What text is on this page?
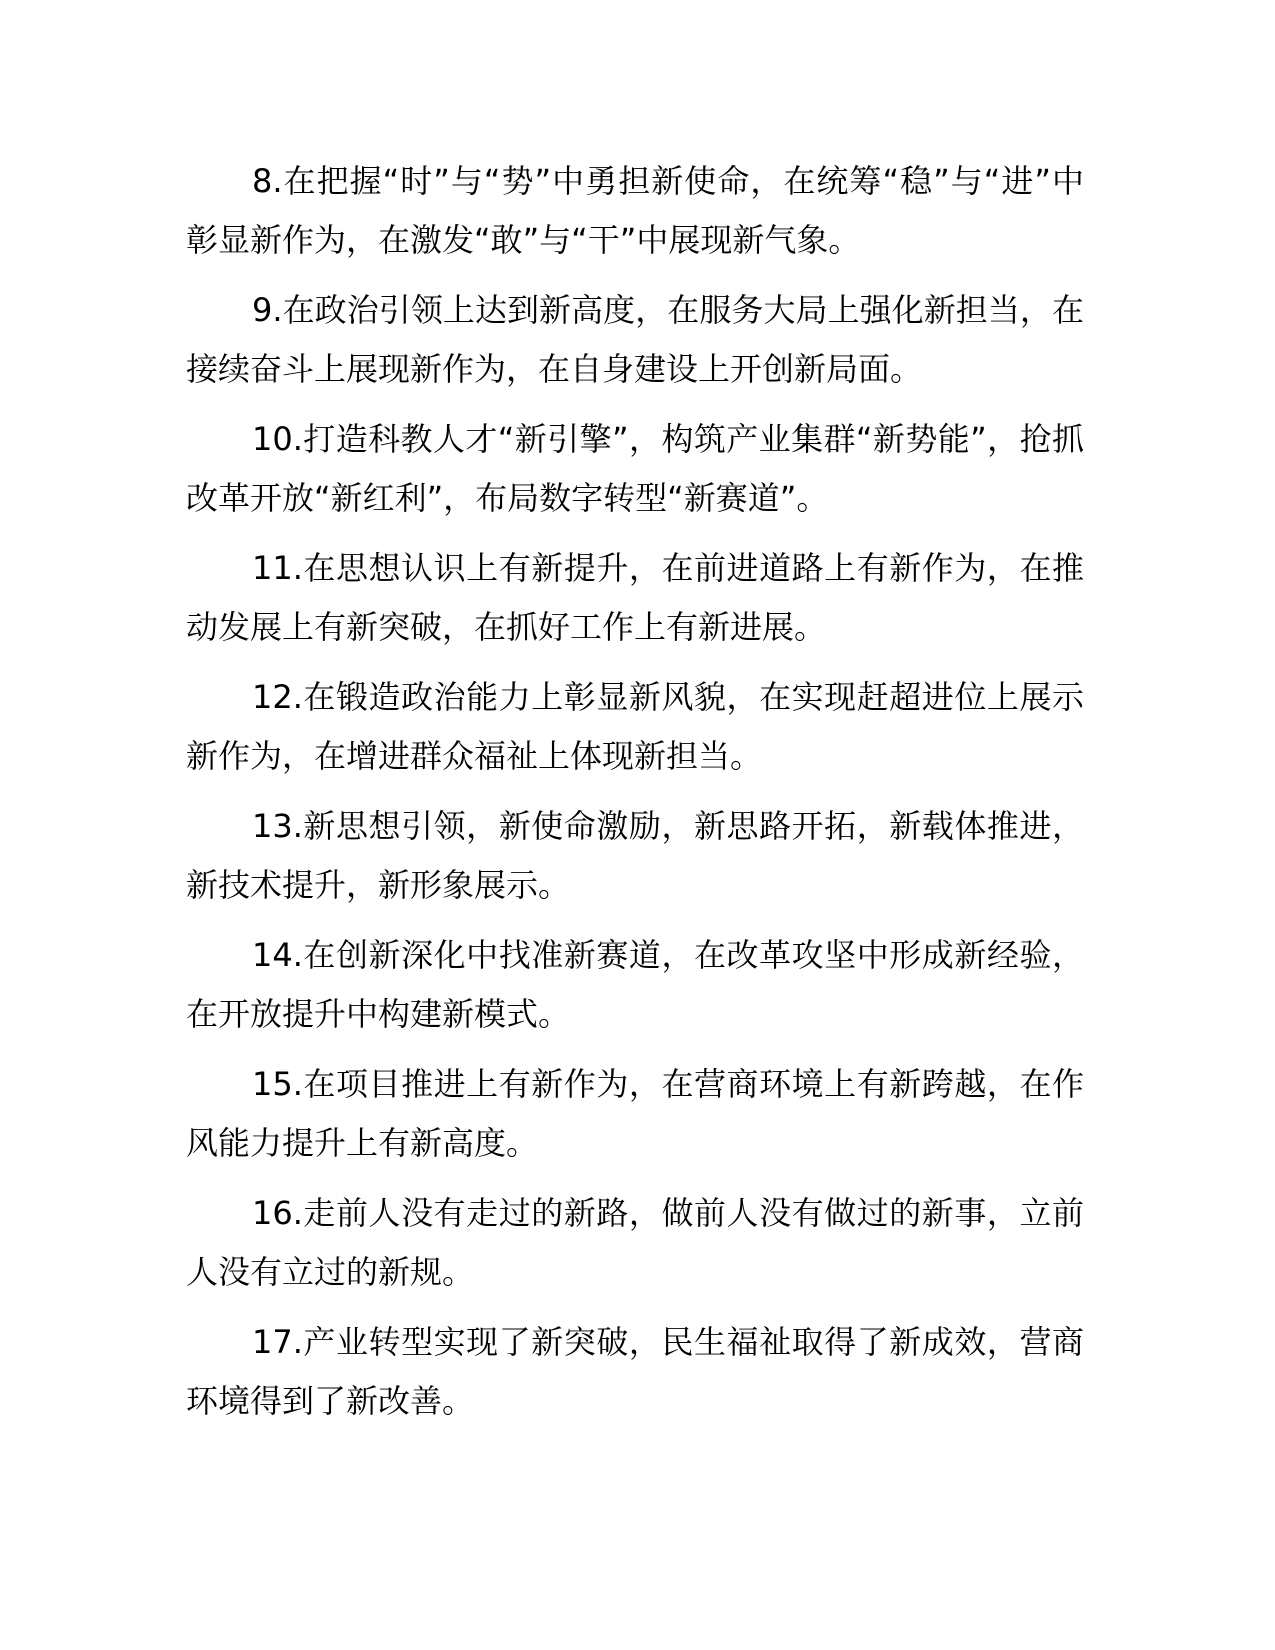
8.在把握“时”与“势”中勇担新使命，在统筹“稳”与“进”中彰显新作为，在激发“敢”与“干”中展现新气象。

9.在政治引领上达到新高度，在服务大局上强化新担当，在接续奋斗上展现新作为，在自身建设上开创新局面。

10.打造科教人才“新引擎”，构筑产业集群“新势能”，抢抓改革开放“新红利”，布局数字转型“新赛道”。

11.在思想认识上有新提升，在前进道路上有新作为，在推动发展上有新突破，在抓好工作上有新进展。

12.在锻造政治能力上彰显新风貌，在实现赶超进位上展示新作为，在增进群众福祉上体现新担当。

13.新思想引领，新使命激励，新思路开拓，新载体推进，新技术提升，新形象展示。

14.在创新深化中找准新赛道，在改革攻坚中形成新经验，在开放提升中构建新模式。

15.在项目推进上有新作为，在营商环境上有新跨越，在作风能力提升上有新高度。

16.走前人没有走过的新路，做前人没有做过的新事，立前人没有立过的新规。

17.产业转型实现了新突破，民生福祉取得了新成效，营商环境得到了新改善。
